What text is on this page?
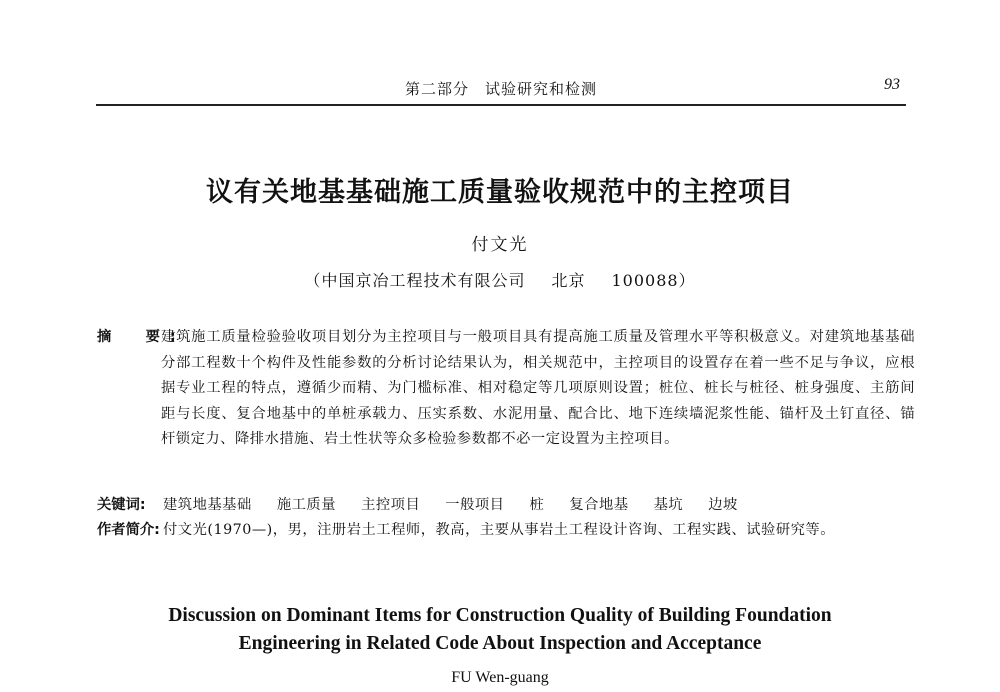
第二部分　试验研究和检测	93
议有关地基基础施工质量验收规范中的主控项目
付文光
（中国京冶工程技术有限公司 北京 100088）
摘　要:
建筑施工质量检验验收项目划分为主控项目与一般项目具有提高施工质量及管理水平等积极意义。对建筑地基基础分部工程数十个构件及性能参数的分析讨论结果认为，相关规范中，主控项目的设置存在着一些不足与争议，应根据专业工程的特点，遵循少而精、为门槛标准、相对稳定等几项原则设置；桩位、桩长与桩径、桩身强度、主筋间距与长度、复合地基中的单桩承载力、压实系数、水泥用量、配合比、地下连续墙泥浆性能、锚杆及土钉直径、锚杆锁定力、降排水措施、岩土性状等众多检验参数都不必一定设置为主控项目。
关键词: 建筑地基基础 施工质量 主控项目 一般项目 桩 复合地基 基坑 边坡
作者简介: 付文光(1970—)，男，注册岩土工程师，教高，主要从事岩土工程设计咨询、工程实践、试验研究等。
Discussion on Dominant Items for Construction Quality of Building Foundation
Engineering in Related Code About Inspection and Acceptance
FU Wen-guang
